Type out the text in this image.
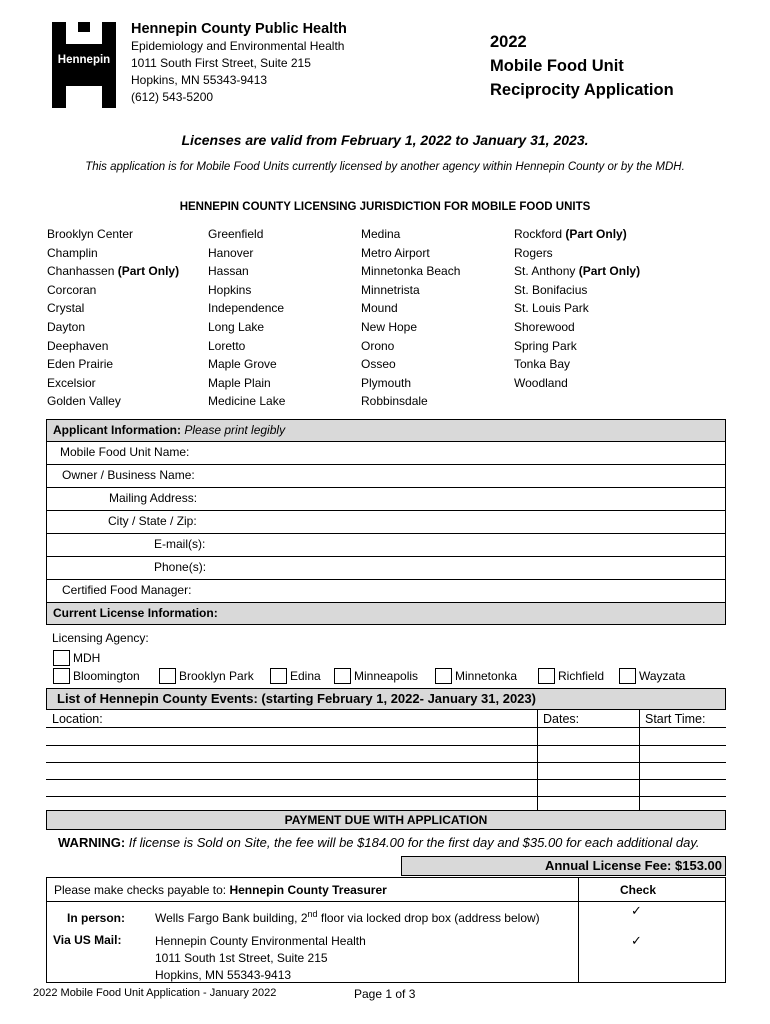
Hennepin
Hennepin County Public Health
Epidemiology and Environmental Health
1011 South First Street, Suite 215
Hopkins, MN 55343-9413
(612) 543-5200
2022
Mobile Food Unit
Reciprocity Application
Licenses are valid from February 1, 2022 to January 31, 2023.
This application is for Mobile Food Units currently licensed by another agency within Hennepin County or by the MDH.
HENNEPIN COUNTY LICENSING JURISDICTION FOR MOBILE FOOD UNITS
Brooklyn Center
Champlin
Chanhassen (Part Only)
Corcoran
Crystal
Dayton
Deephaven
Eden Prairie
Excelsior
Golden Valley
Greenfield
Hanover
Hassan
Hopkins
Independence
Long Lake
Loretto
Maple Grove
Maple Plain
Medicine Lake
Medina
Metro Airport
Minnetonka Beach
Minnetrista
Mound
New Hope
Orono
Osseo
Plymouth
Robbinsdale
Rockford (Part Only)
Rogers
St. Anthony (Part Only)
St. Bonifacius
St. Louis Park
Shorewood
Spring Park
Tonka Bay
Woodland
Applicant Information: Please print legibly
Mobile Food Unit Name:
Owner / Business Name:
Mailing Address:
City / State / Zip:
E-mail(s):
Phone(s):
Certified Food Manager:
Current License Information:
Licensing Agency:
MDH
Bloomington	Brooklyn Park	Edina	Minneapolis	Minnetonka	Richfield	Wayzata
List of Hennepin County Events: (starting February 1, 2022- January 31, 2023)
Location:	Dates:	Start Time:
PAYMENT DUE WITH APPLICATION
WARNING: If license is Sold on Site, the fee will be $184.00 for the first day and $35.00 for each additional day.
Annual License Fee: $153.00
Please make checks payable to: Hennepin County Treasurer	Check
In person: Wells Fargo Bank building, 2nd floor via locked drop box (address below)	✓
Via US Mail:	Hennepin County Environmental Health
1011 South 1st Street, Suite 215
Hopkins, MN 55343-9413
✓
2022 Mobile Food Unit Application - January 2022	Page 1 of 3
